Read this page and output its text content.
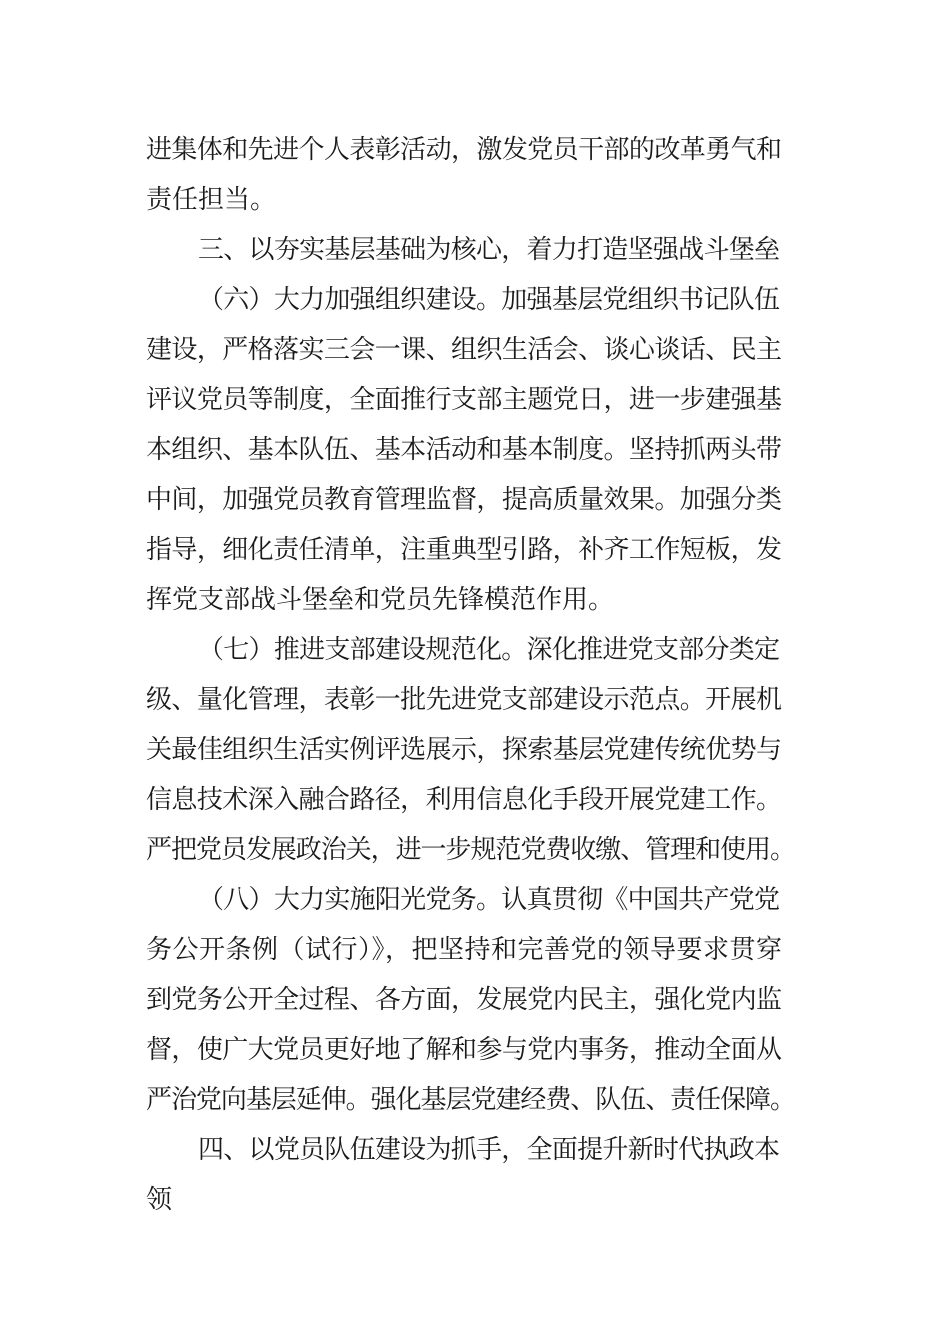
进集体和先进个人表彰活动，激发党员干部的改革勇气和

责任担当。

三、以夯实基层基础为核心，着力打造坚强战斗堡垒

（六）大力加强组织建设。加强基层党组织书记队伍

建设，严格落实三会一课、组织生活会、谈心谈话、民主

评议党员等制度，全面推行支部主题党日，进一步建强基

本组织、基本队伍、基本活动和基本制度。坚持抓两头带

中间，加强党员教育管理监督，提高质量效果。加强分类

指导，细化责任清单，注重典型引路，补齐工作短板，发

挥党支部战斗堡垒和党员先锋模范作用。

（七）推进支部建设规范化。深化推进党支部分类定

级、量化管理，表彰一批先进党支部建设示范点。开展机

关最佳组织生活实例评选展示，探索基层党建传统优势与

信息技术深入融合路径，利用信息化手段开展党建工作。

严把党员发展政治关，进一步规范党费收缴、管理和使用。

（八）大力实施阳光党务。认真贯彻《中国共产党党

务公开条例（试行）》，把坚持和完善党的领导要求贯穿

到党务公开全过程、各方面，发展党内民主，强化党内监

督，使广大党员更好地了解和参与党内事务，推动全面从

严治党向基层延伸。强化基层党建经费、队伍、责任保障。

四、以党员队伍建设为抓手，全面提升新时代执政本

领
